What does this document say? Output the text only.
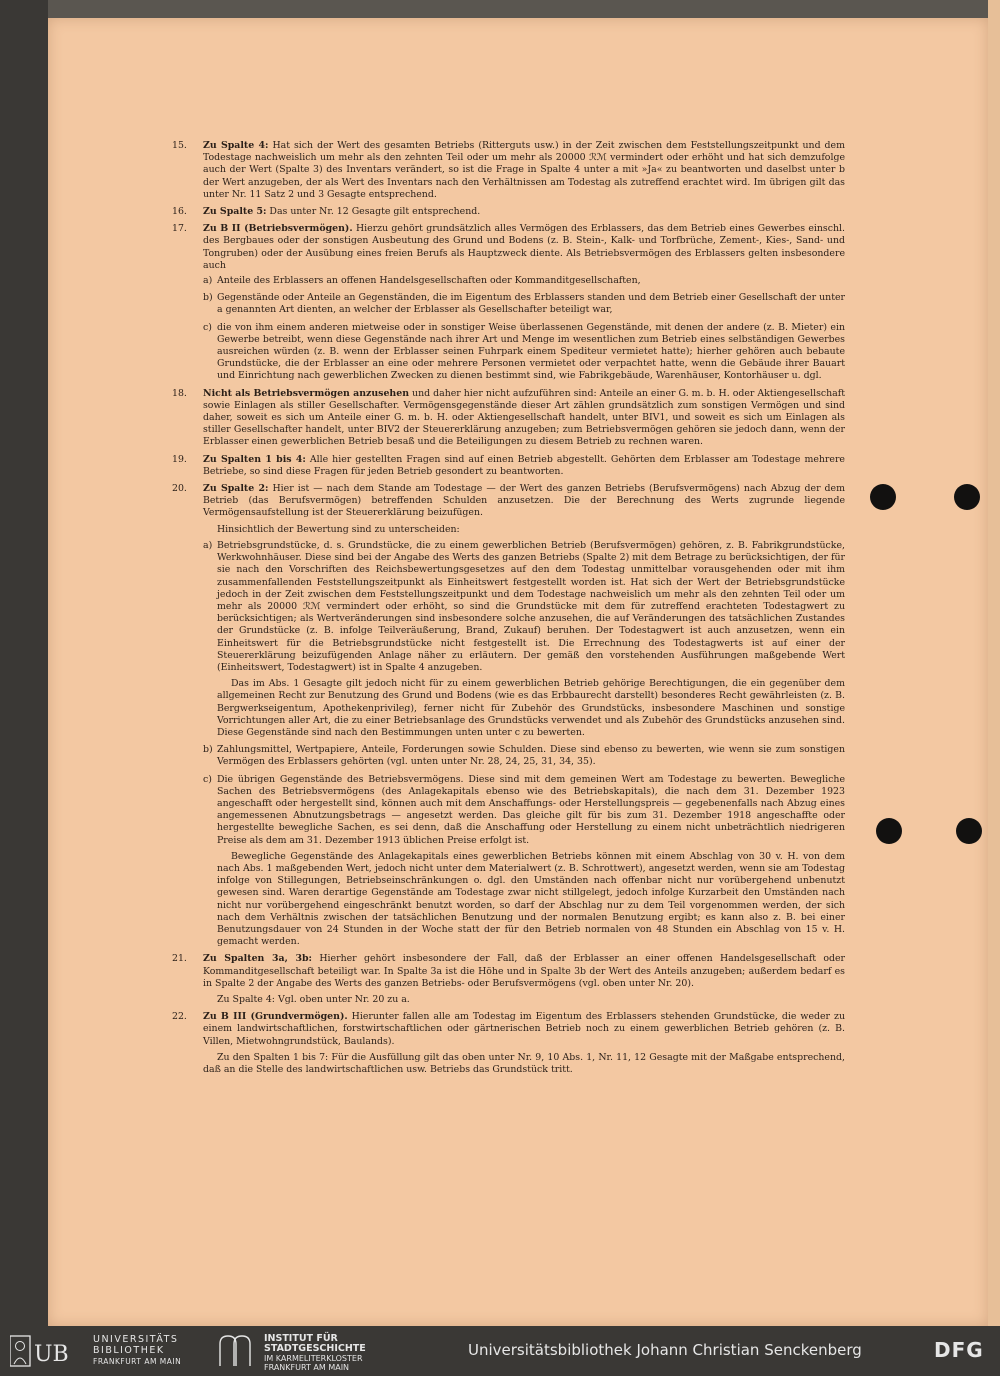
15.	Zu Spalte 4: Hat sich der Wert des gesamten Betriebs (Ritterguts usw.) in der Zeit zwischen dem Feststellungszeitpunkt und dem Todestage nachweislich um mehr als den zehnten Teil oder um mehr als 20000 ℛℳ vermindert oder erhöht und hat sich demzufolge auch der Wert (Spalte 3) des Inventars verändert, so ist die Frage in Spalte 4 unter a mit »Ja« zu beantworten und daselbst unter b der Wert anzugeben, der als Wert des Inventars nach den Verhältnissen am Todestag als zutreffend erachtet wird. Im übrigen gilt das unter Nr. 11 Satz 2 und 3 Gesagte entsprechend.
16.	Zu Spalte 5: Das unter Nr. 12 Gesagte gilt entsprechend.
17.	Zu B II (Betriebsvermögen). Hierzu gehört grundsätzlich alles Vermögen des Erblassers, das dem Betrieb eines Gewerbes einschl. des Bergbaues oder der sonstigen Ausbeutung des Grund und Bodens (z. B. Stein-, Kalk- und Torfbrüche, Zement-, Kies-, Sand- und Tongruben) oder der Ausübung eines freien Berufs als Hauptzweck diente. Als Betriebsvermögen des Erblassers gelten insbesondere auch
a) Anteile des Erblassers an offenen Handelsgesellschaften oder Kommanditgesellschaften,
b) Gegenstände oder Anteile an Gegenständen, die im Eigentum des Erblassers standen und dem Betrieb einer Gesellschaft der unter a genannten Art dienten, an welcher der Erblasser als Gesellschafter beteiligt war,
c) die von ihm einem anderen mietweise oder in sonstiger Weise überlassenen Gegenstände, mit denen der andere (z. B. Mieter) ein Gewerbe betreibt, wenn diese Gegenstände nach ihrer Art und Menge im wesentlichen zum Betrieb eines selbständigen Gewerbes ausreichen würden (z. B. wenn der Erblasser seinen Fuhrpark einem Spediteur vermietet hatte); hierher gehören auch bebaute Grundstücke, die der Erblasser an eine oder mehrere Personen vermietet oder verpachtet hatte, wenn die Gebäude ihrer Bauart und Einrichtung nach gewerblichen Zwecken zu dienen bestimmt sind, wie Fabrikgebäude, Warenhäuser, Kontorhäuser u. dgl.
18.	Nicht als Betriebsvermögen anzusehen und daher hier nicht aufzuführen sind: Anteile an einer G. m. b. H. oder Aktiengesellschaft sowie Einlagen als stiller Gesellschafter. Vermögensgegenstände dieser Art zählen grundsätzlich zum sonstigen Vermögen und sind daher, soweit es sich um Anteile einer G. m. b. H. oder Aktiengesellschaft handelt, unter BIV1, und soweit es sich um Einlagen als stiller Gesellschafter handelt, unter BIV2 der Steuererklärung anzugeben; zum Betriebsvermögen gehören sie jedoch dann, wenn der Erblasser einen gewerblichen Betrieb besaß und die Beteiligungen zu diesem Betrieb zu rechnen waren.
19.	Zu Spalten 1 bis 4: Alle hier gestellten Fragen sind auf einen Betrieb abgestellt. Gehörten dem Erblasser am Todestage mehrere Betriebe, so sind diese Fragen für jeden Betrieb gesondert zu beantworten.
20.	Zu Spalte 2: Hier ist — nach dem Stande am Todestage — der Wert des ganzen Betriebs (Berufsvermögens) nach Abzug der dem Betrieb (das Berufsvermögen) betreffenden Schulden anzusetzen. Die der Berechnung des Werts zugrunde liegende Vermögensaufstellung ist der Steuererklärung beizufügen.
Hinsichtlich der Bewertung sind zu unterscheiden:
a) Betriebsgrundstücke, d. s. Grundstücke, die zu einem gewerblichen Betrieb (Berufsvermögen) gehören, z. B. Fabrikgrundstücke, Werkwohnhäuser. Diese sind bei der Angabe des Werts des ganzen Betriebs (Spalte 2) mit dem Betrage zu berücksichtigen, der für sie nach den Vorschriften des Reichsbewertungsgesetzes auf den dem Todestag unmittelbar vorausgehenden oder mit ihm zusammenfallenden Feststellungszeitpunkt als Einheitswert festgestellt worden ist. Hat sich der Wert der Betriebsgrundstücke jedoch in der Zeit zwischen dem Feststellungszeitpunkt und dem Todestage nachweislich um mehr als den zehnten Teil oder um mehr als 20000 ℛℳ vermindert oder erhöht, so sind die Grundstücke mit dem für zutreffend erachteten Todestagwert zu berücksichtigen; als Wertveränderungen sind insbesondere solche anzusehen, die auf Veränderungen des tatsächlichen Zustandes der Grundstücke (z. B. infolge Teilveräußerung, Brand, Zukauf) beruhen. Der Todestagwert ist auch anzusetzen, wenn ein Einheitswert für die Betriebsgrundstücke nicht festgestellt ist. Die Errechnung des Todestagwerts ist auf einer der Steuererklärung beizufügenden Anlage näher zu erläutern. Der gemäß den vorstehenden Ausführungen maßgebende Wert (Einheitswert, Todestagwert) ist in Spalte 4 anzugeben.
Das im Abs. 1 Gesagte gilt jedoch nicht für zu einem gewerblichen Betrieb gehörige Berechtigungen, die ein gegenüber dem allgemeinen Recht zur Benutzung des Grund und Bodens (wie es das Erbbaurecht darstellt) besonderes Recht gewährleisten (z. B. Bergwerkseigentum, Apothekenprivileg), ferner nicht für Zubehör des Grundstücks, insbesondere Maschinen und sonstige Vorrichtungen aller Art, die zu einer Betriebsanlage des Grundstücks verwendet und als Zubehör des Grundstücks anzusehen sind. Diese Gegenstände sind nach den Bestimmungen unten unter c zu bewerten.
b) Zahlungsmittel, Wertpapiere, Anteile, Forderungen sowie Schulden. Diese sind ebenso zu bewerten, wie wenn sie zum sonstigen Vermögen des Erblassers gehörten (vgl. unten unter Nr. 28, 24, 25, 31, 34, 35).
c) Die übrigen Gegenstände des Betriebsvermögens. Diese sind mit dem gemeinen Wert am Todestage zu bewerten. Bewegliche Sachen des Betriebsvermögens (des Anlagekapitals ebenso wie des Betriebskapitals), die nach dem 31. Dezember 1923 angeschafft oder hergestellt sind, können auch mit dem Anschaffungs- oder Herstellungspreis — gegebenenfalls nach Abzug eines angemessenen Abnutzungsbetrags — angesetzt werden. Das gleiche gilt für bis zum 31. Dezember 1918 angeschaffte oder hergestellte bewegliche Sachen, es sei denn, daß die Anschaffung oder Herstellung zu einem nicht unbeträchtlich niedrigeren Preise als dem am 31. Dezember 1913 üblichen Preise erfolgt ist.
Bewegliche Gegenstände des Anlagekapitals eines gewerblichen Betriebs können mit einem Abschlag von 30 v. H. von dem nach Abs. 1 maßgebenden Wert, jedoch nicht unter dem Materialwert (z. B. Schrottwert), angesetzt werden, wenn sie am Todestag infolge von Stillegungen, Betriebseinschränkungen o. dgl. den Umständen nach offenbar nicht nur vorübergehend unbenutzt gewesen sind. Waren derartige Gegenstände am Todestage zwar nicht stillgelegt, jedoch infolge Kurzarbeit den Umständen nach nicht nur vorübergehend eingeschränkt benutzt worden, so darf der Abschlag nur zu dem Teil vorgenommen werden, der sich nach dem Verhältnis zwischen der tatsächlichen Benutzung und der normalen Benutzung ergibt; es kann also z. B. bei einer Benutzungsdauer von 24 Stunden in der Woche statt der für den Betrieb normalen von 48 Stunden ein Abschlag von 15 v. H. gemacht werden.
21.	Zu Spalten 3a, 3b: Hierher gehört insbesondere der Fall, daß der Erblasser an einer offenen Handelsgesellschaft oder Kommanditgesellschaft beteiligt war. In Spalte 3a ist die Höhe und in Spalte 3b der Wert des Anteils anzugeben; außerdem bedarf es in Spalte 2 der Angabe des Werts des ganzen Betriebs- oder Berufsvermögens (vgl. oben unter Nr. 20).
Zu Spalte 4: Vgl. oben unter Nr. 20 zu a.
22.	Zu B III (Grundvermögen). Hierunter fallen alle am Todestag im Eigentum des Erblassers stehenden Grundstücke, die weder zu einem landwirtschaftlichen, forstwirtschaftlichen oder gärtnerischen Betrieb noch zu einem gewerblichen Betrieb gehören (z. B. Villen, Mietwohngrundstück, Baulands).
Zu den Spalten 1 bis 7: Für die Ausfüllung gilt das oben unter Nr. 9, 10 Abs. 1, Nr. 11, 12 Gesagte mit der Maßgabe entsprechend, daß an die Stelle des landwirtschaftlichen usw. Betriebs das Grundstück tritt.
UB
UNIVERSITÄTS
BIBLIOTHEK
FRANKFURT AM MAIN
INSTITUT FÜR
STADTGESCHICHTE
IM KARMELITERKLOSTER
FRANKFURT AM MAIN
Universitätsbibliothek Johann Christian Senckenberg	DFG
